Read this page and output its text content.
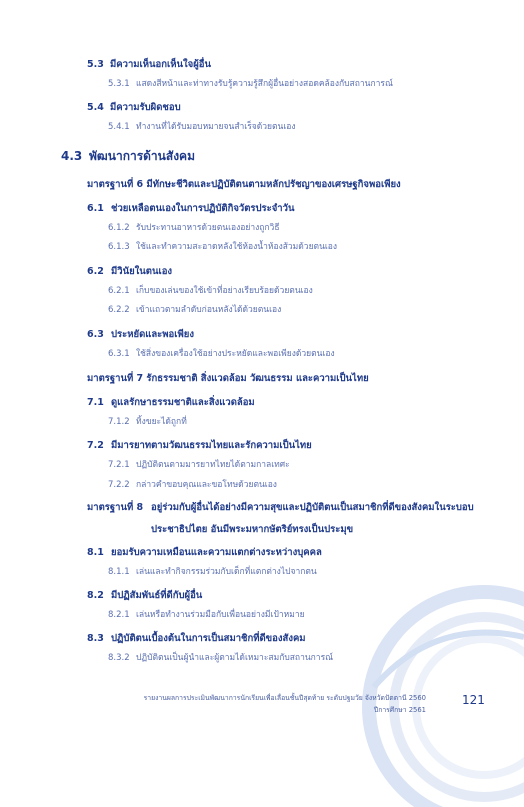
5.3 มีความเห็นอกเห็นใจผู้อื่น
5.3.1 แสดงสีหน้าและท่าทางรับรู้ความรู้สึกผู้อื่นอย่างสอดคล้องกับสถานการณ์
5.4 มีความรับผิดชอบ
5.4.1 ทำงานที่ได้รับมอบหมายจนสำเร็จด้วยตนเอง
4.3 พัฒนาการด้านสังคม
มาตรฐานที่ 6 มีทักษะชีวิตและปฏิบัติตนตามหลักปรัชญาของเศรษฐกิจพอเพียง
6.1 ช่วยเหลือตนเองในการปฏิบัติกิจวัตรประจำวัน
6.1.2 รับประทานอาหารด้วยตนเองอย่างถูกวิธี
6.1.3 ใช้และทำความสะอาดหลังใช้ห้องน้ำห้องส้วมด้วยตนเอง
6.2 มีวินัยในตนเอง
6.2.1 เก็บของเล่นของใช้เข้าที่อย่างเรียบร้อยด้วยตนเอง
6.2.2 เข้าแถวตามลำดับก่อนหลังได้ด้วยตนเอง
6.3 ประหยัดและพอเพียง
6.3.1 ใช้สิ่งของเครื่องใช้อย่างประหยัดและพอเพียงด้วยตนเอง
มาตรฐานที่ 7 รักธรรมชาติ สิ่งแวดล้อม วัฒนธรรม และความเป็นไทย
7.1 ดูแลรักษาธรรมชาติและสิ่งแวดล้อม
7.1.2 ทิ้งขยะได้ถูกที่
7.2 มีมารยาทตามวัฒนธรรมไทยและรักความเป็นไทย
7.2.1 ปฏิบัติตนตามมารยาทไทยได้ตามกาลเทศะ
7.2.2 กล่าวคำขอบคุณและขอโทษด้วยตนเอง
มาตรฐานที่ 8 อยู่ร่วมกับผู้อื่นได้อย่างมีความสุขและปฏิบัติตนเป็นสมาชิกที่ดีของสังคมในระบอบ
ประชาธิปไตย อันมีพระมหากษัตริย์ทรงเป็นประมุข
8.1 ยอมรับความเหมือนและความแตกต่างระหว่างบุคคล
8.1.1 เล่นและทำกิจกรรมร่วมกับเด็กที่แตกต่างไปจากตน
8.2 มีปฏิสัมพันธ์ที่ดีกับผู้อื่น
8.2.1 เล่นหรือทำงานร่วมมือกับเพื่อนอย่างมีเป้าหมาย
8.3 ปฏิบัติตนเบื้องต้นในการเป็นสมาชิกที่ดีของสังคม
8.3.2 ปฏิบัติตนเป็นผู้นำและผู้ตามได้เหมาะสมกับสถานการณ์
รายงานผลการประเมินพัฒนาการนักเรียนเพื่อเลื่อนชั้นปีสุดท้าย ระดับปฐมวัย จังหวัดปัตตานี 2560
ปีการศึกษา 2561
121
